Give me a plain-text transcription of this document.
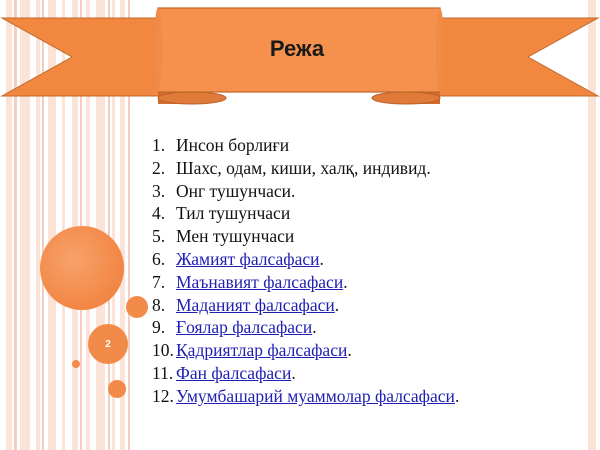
Режа
2
1. Инсон борлиғи
2. Шахс, одам, киши, халқ, индивид.
3. Онг тушунчаси.
4. Тил тушунчаси
5. Мен тушунчаси
6. Жамият фалсафаси.
7. Маънавият фалсафаси.
8. Маданият фалсафаси.
9. Ғоялар фалсафаси.
10. Қадриятлар фалсафаси.
11. Фан фалсафаси.
12. Умумбашарий муаммолар фалсафаси.
